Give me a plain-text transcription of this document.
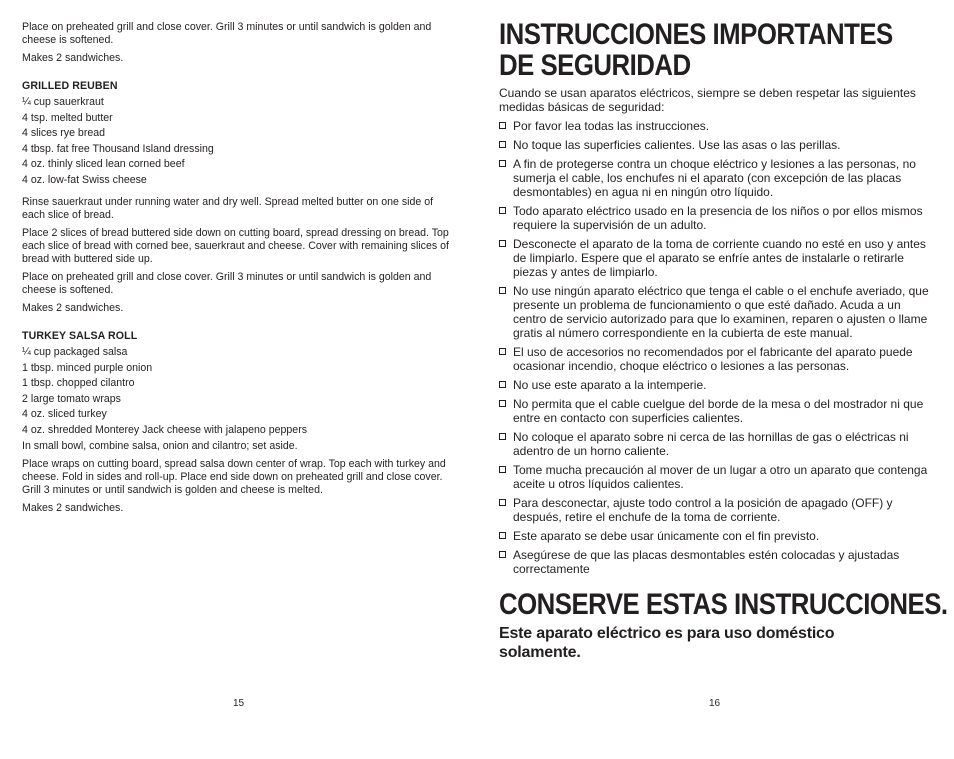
Place on preheated grill and close cover. Grill 3 minutes or until sandwich is golden and cheese is softened.

Makes 2 sandwiches.

GRILLED REUBEN

¼ cup sauerkraut

4 tsp. melted butter

4 slices rye bread

4 tbsp. fat free Thousand Island dressing

4 oz. thinly sliced lean corned beef

4 oz. low-fat Swiss cheese

Rinse sauerkraut under running water and dry well. Spread melted butter on one side of each slice of bread.

Place 2 slices of bread buttered side down on cutting board, spread dressing on bread. Top each slice of bread with corned bee, sauerkraut and cheese. Cover with remaining slices of bread with buttered side up.

Place on preheated grill and close cover. Grill 3 minutes or until sandwich is golden and cheese is softened.

Makes 2 sandwiches.

TURKEY SALSA ROLL

¼ cup packaged salsa

1 tbsp. minced purple onion

1 tbsp. chopped cilantro

2 large tomato wraps

4 oz. sliced turkey

4 oz. shredded Monterey Jack cheese with jalapeno peppers

In small bowl, combine salsa, onion and cilantro; set aside.

Place wraps on cutting board, spread salsa down center of wrap. Top each with turkey and cheese. Fold in sides and roll-up. Place end side down on preheated grill and close cover. Grill 3 minutes or until sandwich is golden and cheese is melted.

Makes 2 sandwiches.

15
INSTRUCCIONES IMPORTANTES
DE SEGURIDAD

Cuando se usan aparatos eléctricos, siempre se deben respetar las siguientes medidas básicas de seguridad:

Por favor lea todas las instrucciones.

No toque las superficies calientes. Use las asas o las perillas.

A fin de protegerse contra un choque eléctrico y lesiones a las personas, no sumerja el cable, los enchufes ni el aparato (con excepción de las placas desmontables) en agua ni en ningún otro líquido.

Todo aparato eléctrico usado en la presencia de los niños o por ellos mismos requiere la supervisión de un adulto.

Desconecte el aparato de la toma de corriente cuando no esté en uso y antes de limpiarlo. Espere que el aparato se enfríe antes de instalarle o retirarle piezas y antes de limpiarlo.

No use ningún aparato eléctrico que tenga el cable o el enchufe averiado, que presente un problema de funcionamiento o que esté dañado. Acuda a un centro de servicio autorizado para que lo examinen, reparen o ajusten o llame gratis al número correspondiente en la cubierta de este manual.

El uso de accesorios no recomendados por el fabricante del aparato puede ocasionar incendio, choque eléctrico o lesiones a las personas.

No use este aparato a la intemperie.

No permita que el cable cuelgue del borde de la mesa o del mostrador ni que entre en contacto con superficies calientes.

No coloque el aparato sobre ni cerca de las hornillas de gas o eléctricas ni adentro de un horno caliente.

Tome mucha precaución al mover de un lugar a otro un aparato que contenga aceite u otros líquidos calientes.

Para desconectar, ajuste todo control a la posición de apagado (OFF) y después, retire el enchufe de la toma de corriente.

Este aparato se debe usar únicamente con el fin previsto.

Asegúrese de que las placas desmontables estén colocadas y ajustadas correctamente

CONSERVE ESTAS INSTRUCCIONES.

Este aparato eléctrico es para uso doméstico
solamente.

16
